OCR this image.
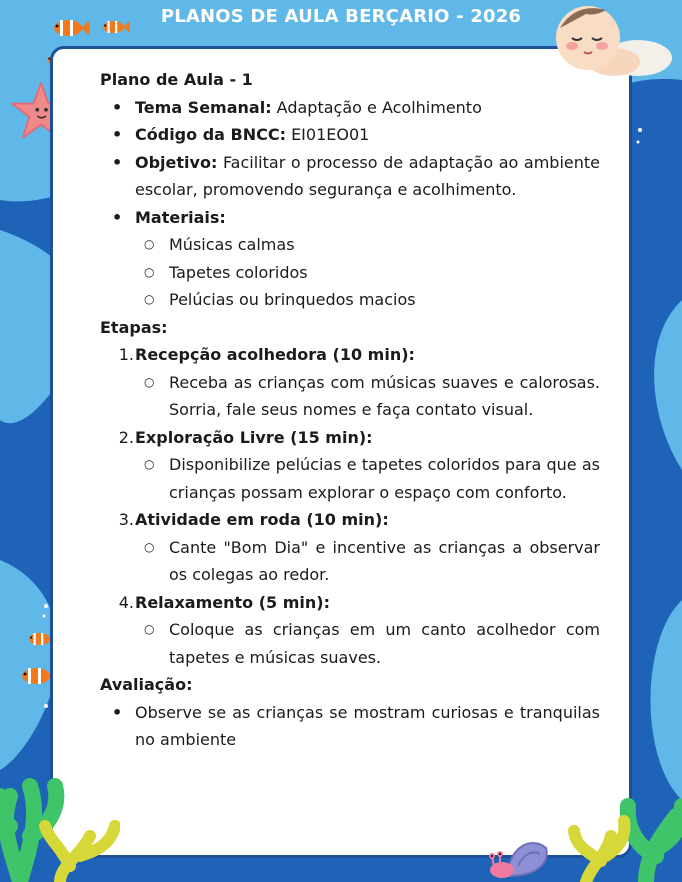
PLANOS DE AULA BERÇARIO - 2026
Plano de Aula - 1
• Tema Semanal: Adaptação e Acolhimento
• Código da BNCC: EI01EO01
• Objetivo: Facilitar o processo de adaptação ao ambiente escolar, promovendo segurança e acolhimento.
• Materiais:
○ Músicas calmas
○ Tapetes coloridos
○ Pelúcias ou brinquedos macios
Etapas:
1. Recepção acolhedora (10 min):
○ Receba as crianças com músicas suaves e calorosas. Sorria, fale seus nomes e faça contato visual.
2. Exploração Livre (15 min):
○ Disponibilize pelúcias e tapetes coloridos para que as crianças possam explorar o espaço com conforto.
3. Atividade em roda (10 min):
○ Cante "Bom Dia" e incentive as crianças a observar os colegas ao redor.
4. Relaxamento (5 min):
○ Coloque as crianças em um canto acolhedor com tapetes e músicas suaves.
Avaliação:
• Observe se as crianças se mostram curiosas e tranquilas no ambiente
